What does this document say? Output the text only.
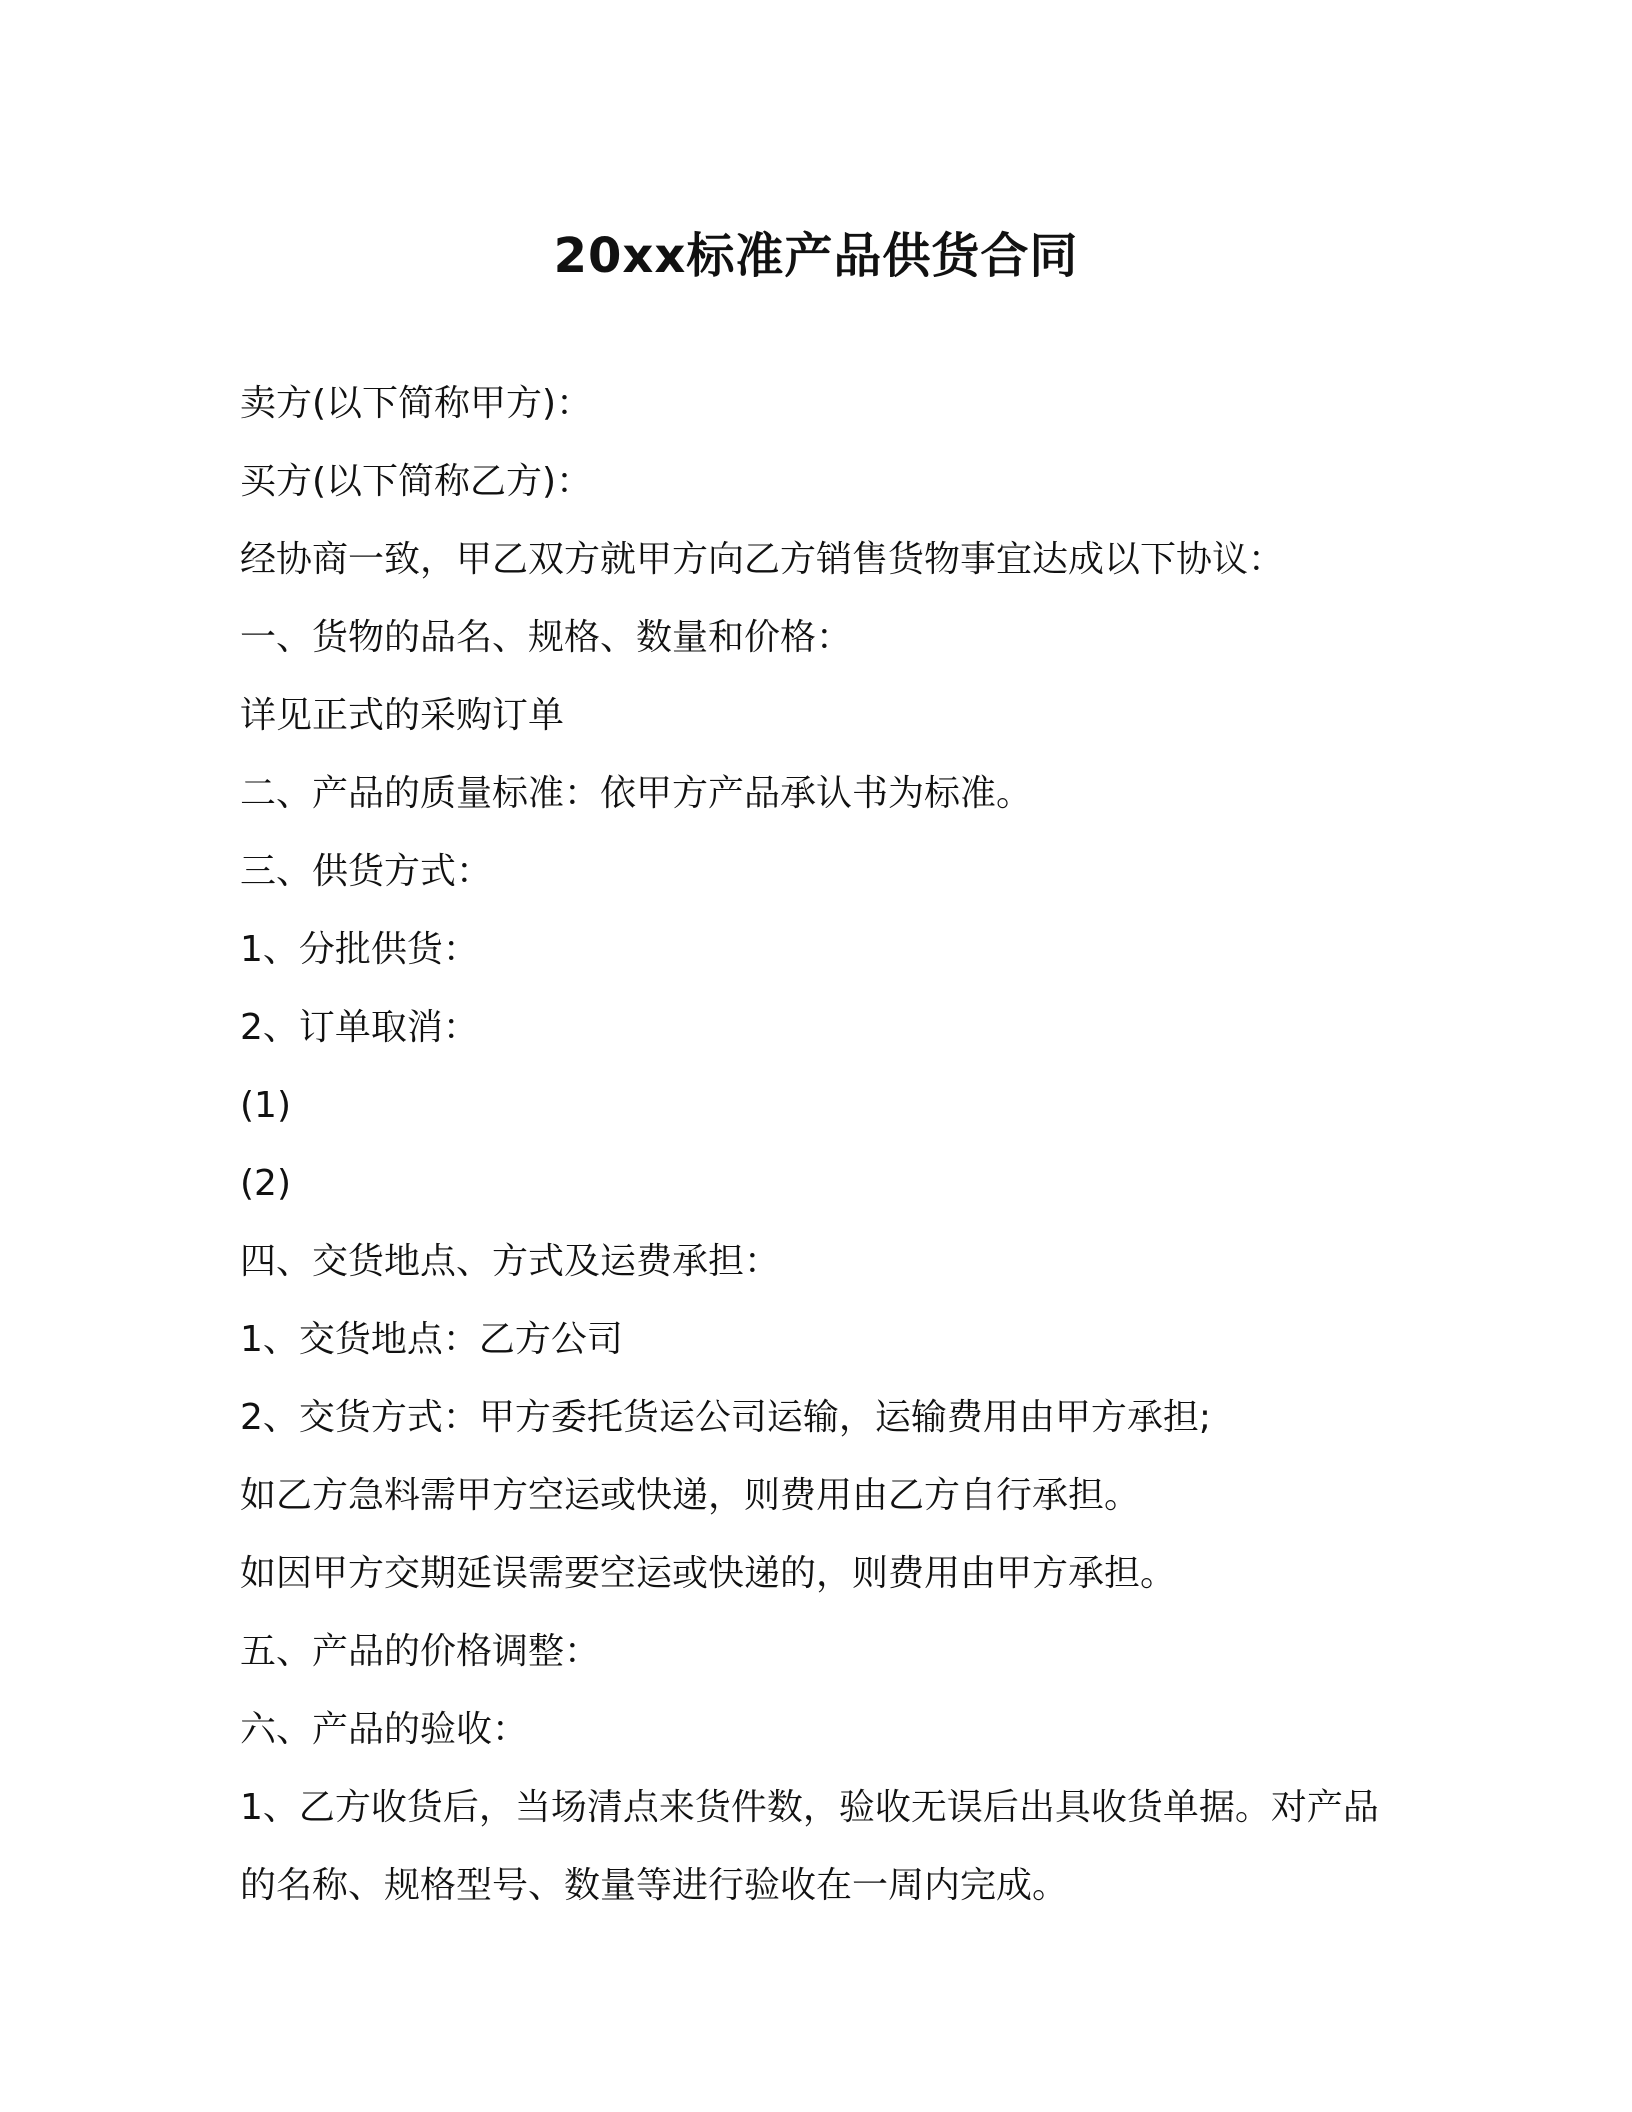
20xx标准产品供货合同

卖方(以下简称甲方)：

买方(以下简称乙方)：

经协商一致，甲乙双方就甲方向乙方销售货物事宜达成以下协议：

一、货物的品名、规格、数量和价格：

详见正式的采购订单

二、产品的质量标准：依甲方产品承认书为标准。

三、供货方式：

1、分批供货：

2、订单取消：

(1)

(2)

四、交货地点、方式及运费承担：

1、交货地点：乙方公司

2、交货方式：甲方委托货运公司运输，运输费用由甲方承担;

如乙方急料需甲方空运或快递，则费用由乙方自行承担。

如因甲方交期延误需要空运或快递的，则费用由甲方承担。

五、产品的价格调整：

六、产品的验收：

1、乙方收货后，当场清点来货件数，验收无误后出具收货单据。对产品的名称、规格型号、数量等进行验收在一周内完成。
